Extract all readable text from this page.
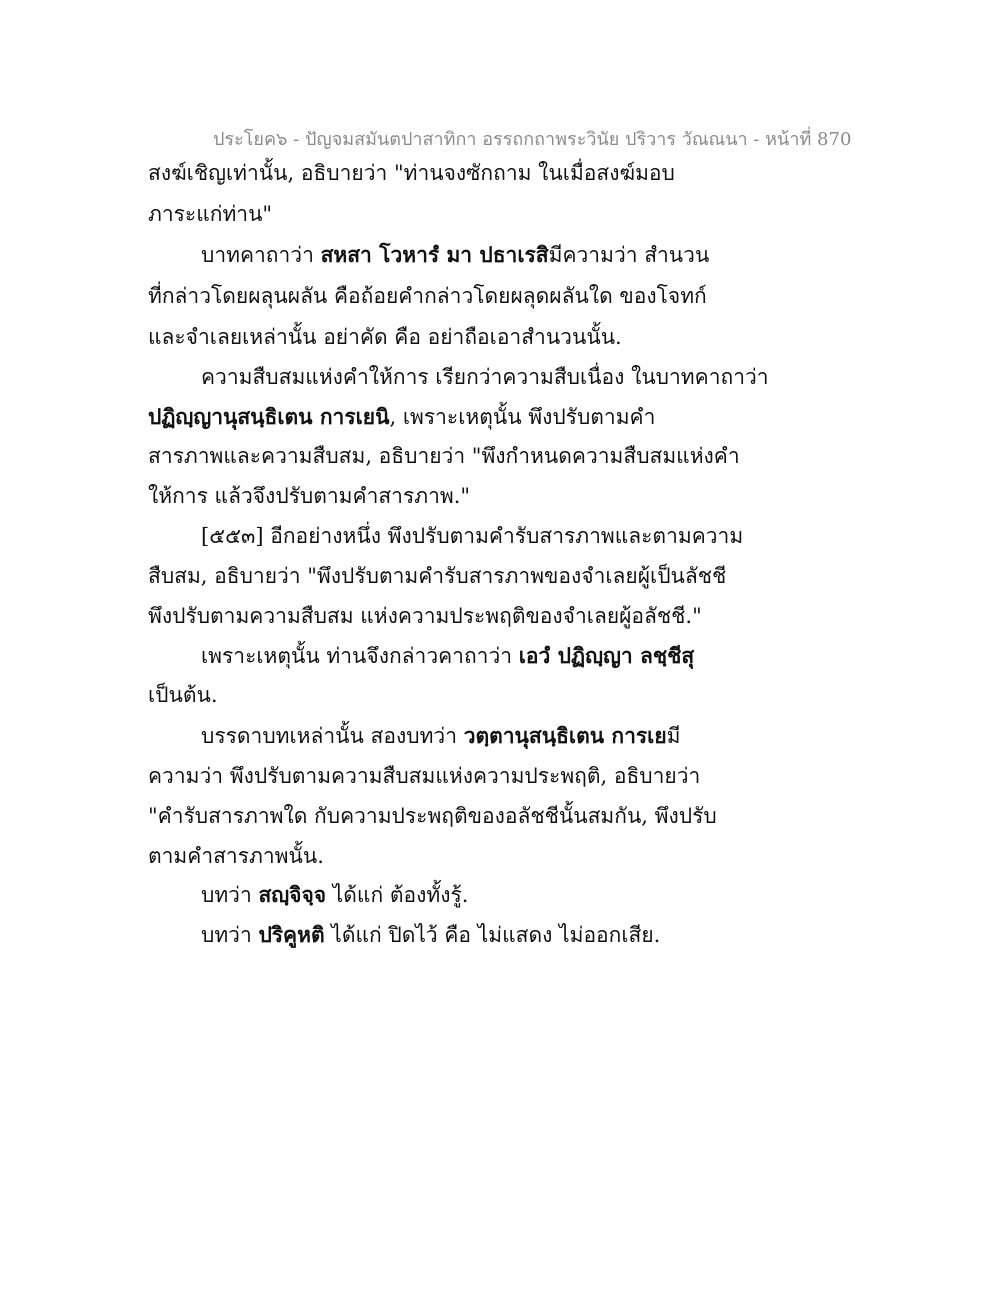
ประโยค๖ - ปัญจมสมันตปาสาทิกา อรรถกถาพระวินัย ปริวาร วัณณนา - หน้าที่ 870
สงฆ์เชิญเท่านั้น, อธิบายว่า "ท่านจงซักถาม ในเมื่อสงฆ์มอบ
ภาระแก่ท่าน"
บาทคาถาว่า สหสา โวหารํ มา ปธาเรสิมีความว่า สำนวน
ที่กล่าวโดยผลุนผลัน คือถ้อยคำกล่าวโดยผลุดผลันใด ของโจทก์
และจำเลยเหล่านั้น อย่าคัด คือ อย่าถือเอาสำนวนนั้น.
ความสืบสมแห่งคำให้การ เรียกว่าความสืบเนื่อง ในบาทคาถาว่า
ปฏิญฺญานุสนฺธิเตน การเยนิ, เพราะเหตุนั้น พึงปรับตามคำ
สารภาพและความสืบสม, อธิบายว่า "พึงกำหนดความสืบสมแห่งคำ
ให้การ แล้วจึงปรับตามคำสารภาพ."
[๕๕๓] อีกอย่างหนึ่ง พึงปรับตามคำรับสารภาพและตามความ
สืบสม, อธิบายว่า "พึงปรับตามคำรับสารภาพของจำเลยผู้เป็นลัชชี
พึงปรับตามความสืบสม แห่งความประพฤติของจำเลยผู้อลัชชี."
เพราะเหตุนั้น ท่านจึงกล่าวคาถาว่า เอวํ ปฏิญฺญา ลชฺชีสุ
เป็นต้น.
บรรดาบทเหล่านั้น สองบทว่า วตฺตานุสนฺธิเตน การเยมี
ความว่า พึงปรับตามความสืบสมแห่งความประพฤติ, อธิบายว่า
"คำรับสารภาพใด กับความประพฤติของอลัชชีนั้นสมกัน, พึงปรับ
ตามคำสารภาพนั้น.
บทว่า สญฺจิจฺจ ได้แก่ ต้องทั้งรู้.
บทว่า ปริคูหติ ได้แก่ ปิดไว้ คือ ไม่แสดง ไม่ออกเสีย.
